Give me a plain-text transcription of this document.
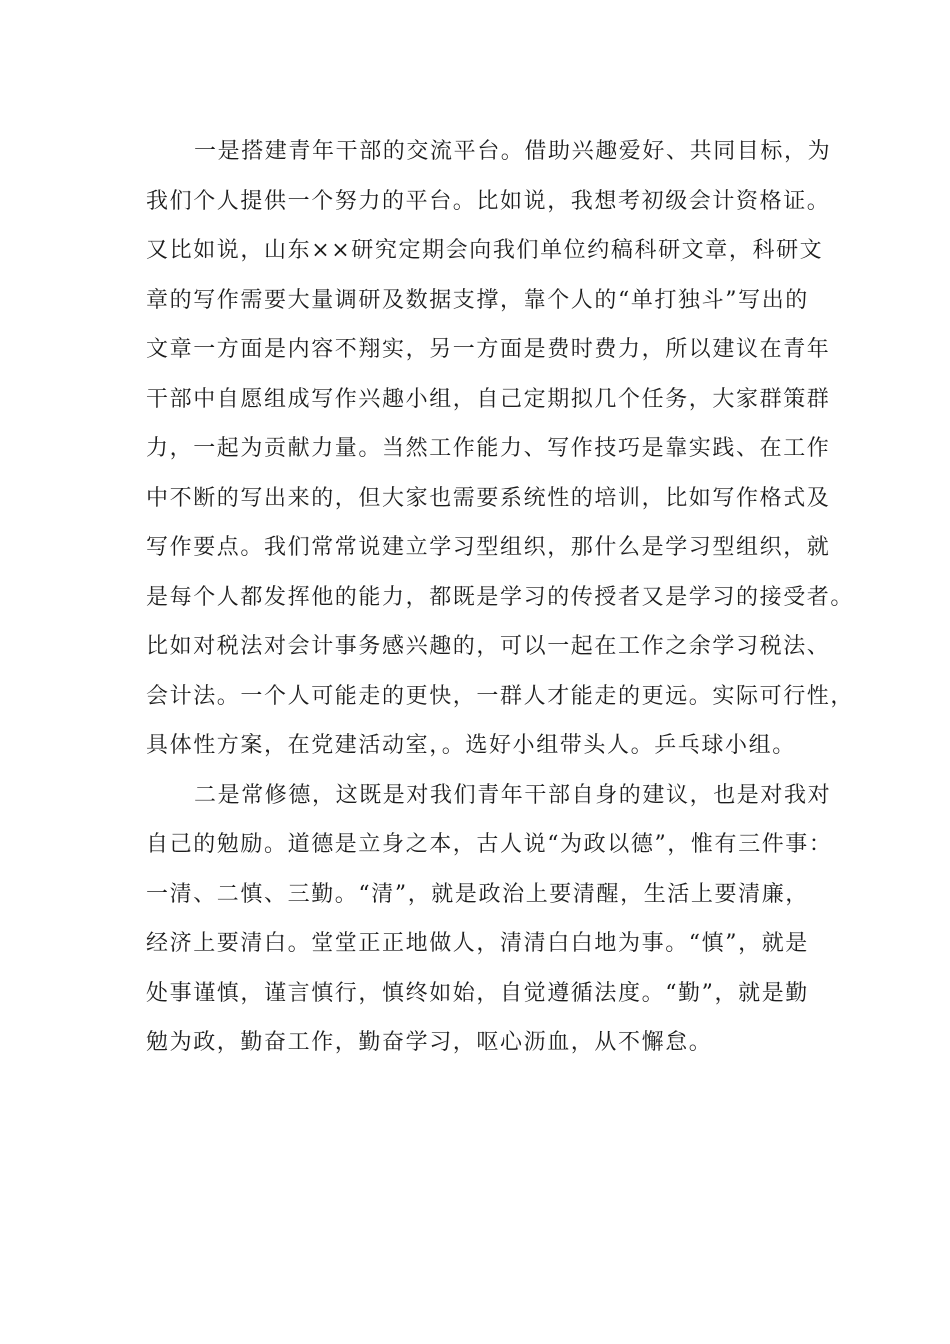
一是搭建青年干部的交流平台。借助兴趣爱好、共同目标，为
我们个人提供一个努力的平台。比如说，我想考初级会计资格证。
又比如说，山东××研究定期会向我们单位约稿科研文章，科研文
章的写作需要大量调研及数据支撑，靠个人的“单打独斗”写出的
文章一方面是内容不翔实，另一方面是费时费力，所以建议在青年
干部中自愿组成写作兴趣小组，自己定期拟几个任务，大家群策群
力，一起为贡献力量。当然工作能力、写作技巧是靠实践、在工作
中不断的写出来的，但大家也需要系统性的培训，比如写作格式及
写作要点。我们常常说建立学习型组织，那什么是学习型组织，就
是每个人都发挥他的能力，都既是学习的传授者又是学习的接受者。
比如对税法对会计事务感兴趣的，可以一起在工作之余学习税法、
会计法。一个人可能走的更快，一群人才能走的更远。实际可行性，
具体性方案，在党建活动室，。选好小组带头人。乒乓球小组。
二是常修德，这既是对我们青年干部自身的建议，也是对我对
自己的勉励。道德是立身之本，古人说“为政以德”，惟有三件事：
一清、二慎、三勤。“清”，就是政治上要清醒，生活上要清廉，
经济上要清白。堂堂正正地做人，清清白白地为事。“慎”，就是
处事谨慎，谨言慎行，慎终如始，自觉遵循法度。“勤”，就是勤
勉为政，勤奋工作，勤奋学习，呕心沥血，从不懈怠。
